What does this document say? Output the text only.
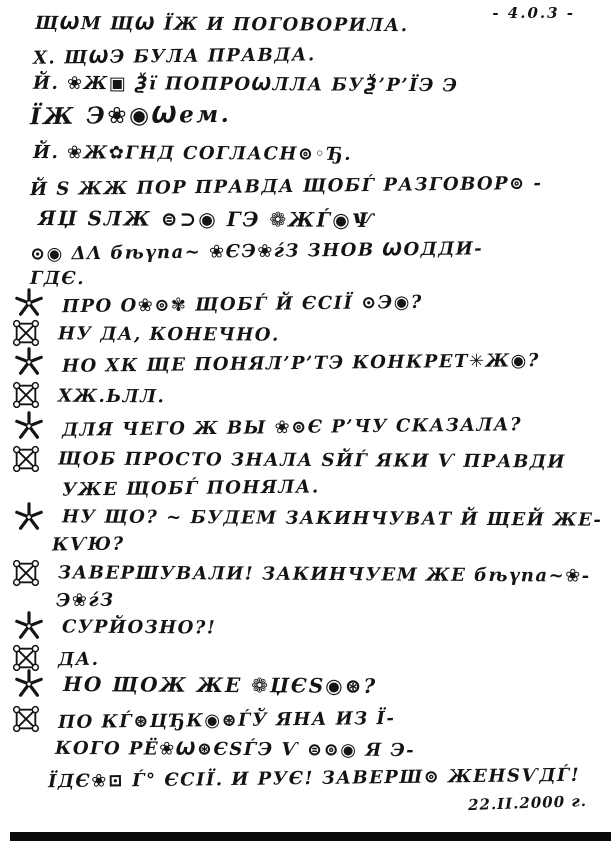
- 4.0.3 -
ЩѠМ ЩѠ ЇЖ И ПОГОВОРИЛА.
Х. ЩѠЭ БУЛА ПРАВДА.
Й. ❀Ж▣ Ѯї ПОПРОѠЛЛА БУѮ’Р’ЇЭ Э
ЇЖ Э❀◉Ѡем.
Й. ❀Ж✿ГНД СОГЛАСН⊚◦Ђ.
Й Ѕ ЖЖ ПОР ПРАВДА ЩОБЃ РАЗГОВОР⊚ -
ЯЏ ЅЛЖ ⊜⊃◉ ГЭ ❁ЖЃ◉Ѱ
⊙◉ ΔΛ бѣүпа~ ❀ЄЭ❀ѓЗ ЗНОВ ѠОДДИ-
ГДЄ.
ПРО О❀⊚✾ ЩОБЃ Й ЄСІЇ ⊙Э◉?
НУ ДА, КОНЕЧНО.
НО ХК ЩЕ ПОНЯЛ’Р’ТЭ КОНКРЕТ✳Ж◉?
ХЖ.ЬЛЛ.
ДЛЯ ЧЕГО Ж ВЫ ❀⊚Є Р’ЧУ СКАЗАЛА?
ЩОБ ПРОСТО ЗНАЛА ЅЙЃ ЯКИ Ѵ ПРАВДИ
УЖЕ ЩОБЃ ПОНЯЛА.
НУ ЩО? ~ БУДЕМ ЗАКИНЧУВАТ Й ЩЕЙ ЖЕ-
КѴЮ?
ЗАВЕРШУВАЛИ! ЗАКИНЧУЕМ ЖЕ бѣүпа~❀-
Э❀ѓЗ
СУРЙОЗНО?!
ДА.
НО ЩОЖ ЖЕ ❁ЏЄЅ◉⊛?
ПО КЃ⊛ЦЂК◉⊛ЃЎ ЯНА ИЗ Ї-
КОГО РЁ❀Ѡ⊛ЄЅЃЭ Ѵ ⊜⊚◉ Я Э-
ЇДЄ❀⊡ Ѓ° ЄСІЇ. И РУЄ! ЗАВЕРШ⊚ ЖЕНЅѴДЃ!
22.II.2000 г.
